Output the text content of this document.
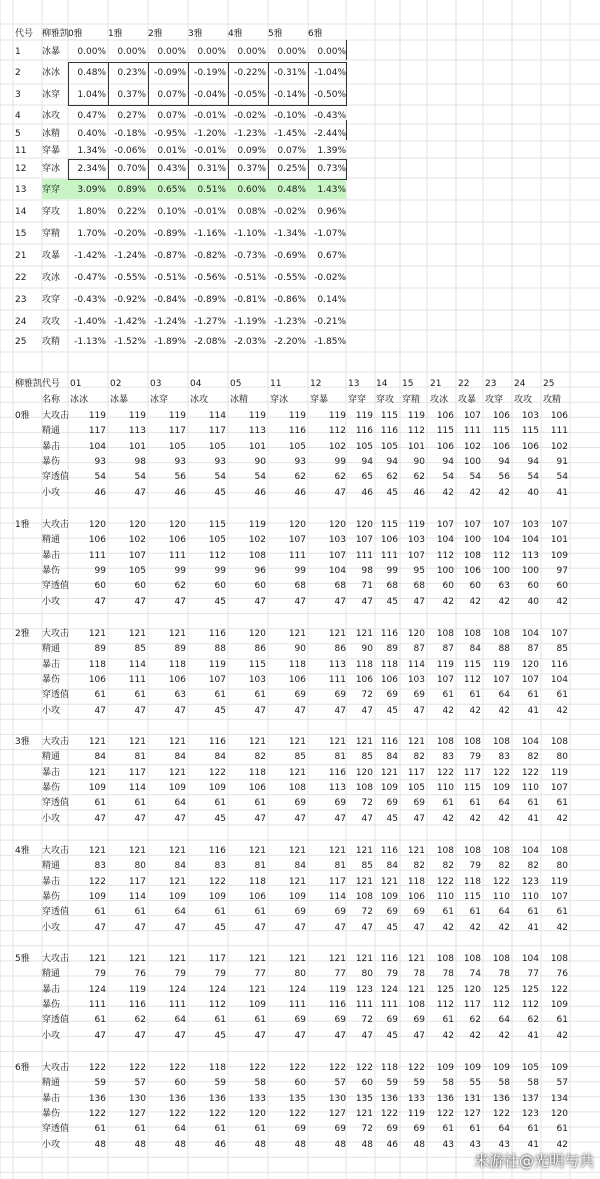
代号 柳雅凯
0雅	1雅	2雅	3雅	4雅	5雅	6雅
1 冰暴	0.00%	0.00%	0.00%	0.00%	0.00%	0.00%	0.00%
2 冰冰	0.48%	0.23% -0.09% -0.19% -0.22% -0.31% -1.04%
3 冰穿	1.04%	0.37%	0.07% -0.04% -0.05% -0.14% -0.50%
4 冰攻	0.47%	0.27%	0.07% -0.01% -0.02% -0.10% -0.43%
5 冰精	0.40% -0.18% -0.95% -1.20% -1.23% -1.45% -2.44%
11 穿暴	1.34% -0.06%	0.01% -0.01%	0.09%	0.07%	1.39%
12 穿冰	2.34%	0.70%	0.43%	0.31%	0.37%	0.25%	0.73%
13 穿穿	3.09%	0.89%	0.65%	0.51%	0.60%	0.48%	1.43%
14 穿攻	1.80%	0.22%	0.10% -0.01%	0.08% -0.02%	0.96%
15 穿精	1.70% -0.20% -0.89% -1.16% -1.10% -1.34% -1.07%
21 攻暴	-1.42% -1.24% -0.87% -0.82% -0.73% -0.69%	0.67%
22 攻冰	-0.47% -0.55% -0.51% -0.56% -0.51% -0.55% -0.02%
23 攻穿	-0.43% -0.92% -0.84% -0.89% -0.81% -0.86%	0.14%
24 攻攻	-1.40% -1.42% -1.24% -1.27% -1.19% -1.23% -0.21%
25 攻精	-1.13% -1.52% -1.89% -2.08% -2.03% -2.20% -1.85%
柳雅凯代号 01	02	03	04	05	11	12	13 14 15 21 22 23 24 25
名称 冰冰 冰暴 冰穿 冰攻 冰精 穿冰 穿暴 穿穿 穿攻 穿精 攻冰 攻暴 攻穿 攻攻 攻精
0雅 大攻击	119	119	119	114	119	119	119	119 115	119	106	107	106	103	106
精通	117	113	117	117	113	116	112	116 116	112	115	111	115	115	111
暴击	104	101	105	105	101	105	102	105 105	101	106	102	106	106	102
暴伤	93	98	93	93	90	93	99	94	94	90	94	100	94	94	91
穿透值	54	54	56	54	54	62	62	65	62	62	54	54	56	54	54
小攻	46	47	46	45	46	46	47	46	45	46	42	42	42	40	41
1雅 大攻击	120	120	120	115	119	120	120	120 115	119	107	107	107	103	107
精通	106	102	106	105	102	107	103	107 106	103	104	100	104	104	101
暴击	111	107	111	112	108	111	107	111 111	107	112	108	112	113	109
暴伤	99	105	99	99	96	99	104	98	99	95	100	106	100	100	97
穿透值	60	60	62	60	60	68	68	71	68	68	60	60	63	60	60
小攻	47	47	47	45	47	47	47	47	45	47	42	42	42	40	42
2雅 大攻击	121	121	121	116	120	121	121	121 116	120	108	108	108	104	107
精通	89	85	89	88	86	90	86	90	89	87	87	84	88	87	85
暴击	118	114	118	119	115	118	113	118 118	114	119	115	119	120	116
暴伤	106	111	106	107	103	106	111	106 106	103	107	112	107	107	104
穿透值	61	61	63	61	61	69	69	72	69	69	61	61	64	61	61
小攻	47	47	47	45	47	47	47	47	45	47	42	42	42	41	42
3雅 大攻击	121	121	121	116	121	121	121	121 116	121	108	108	108	104	108
精通	84	81	84	84	82	85	81	85	84	82	83	79	83	82	80
暴击	121	117	121	122	118	121	116	120 121	117	122	117	122	122	119
暴伤	109	114	109	109	106	108	113	108 109	105	110	115	109	110	107
穿透值	61	61	64	61	61	69	69	72	69	69	61	61	64	61	61
小攻	47	47	47	45	47	47	47	47	45	47	42	42	42	41	42
4雅 大攻击	121	121	121	116	121	121	121	121 116	121	108	108	108	104	108
精通	83	80	84	83	81	84	81	85	84	82	82	79	82	82	80
暴击	122	117	121	122	118	121	117	121 121	118	122	118	122	123	119
暴伤	109	114	109	109	106	109	114	108 109	106	110	115	110	110	107
穿透值	61	61	64	61	61	69	69	72	69	69	61	61	64	61	61
小攻	47	47	47	45	47	47	47	47	45	47	42	42	42	41	42
5雅 大攻击	121	121	121	117	121	121	121	121 116	121	108	108	108	104	108
精通	79	76	79	79	77	80	77	80	79	78	78	74	78	77	76
暴击	124	119	124	124	121	124	119	123 124	121	125	120	125	125	122
暴伤	111	116	111	112	109	111	116	111 111	108	112	117	112	112	109
穿透值	61	62	64	61	61	69	69	72	69	69	61	62	64	62	61
小攻	47	47	47	45	47	47	47	47	45	47	42	42	42	41	42
6雅 大攻击	122	122	122	118	122	122	122	122 118	122	109	109	109	105	109
精通	59	57	60	59	58	60	57	60	59	59	58	55	58	58	57
暴击	136	130	136	136	133	135	130	135 136	133	136	131	136	137	134
暴伤	122	127	122	122	120	122	127	121 122	119	122	127	122	123	120
穿透值	61	61	64	61	61	69	69	72	69	69	61	61	64	61	61
小攻	48	48	48	46	48	48	48	48	46	48	43	43	43	41	42
米游社@光明与共
